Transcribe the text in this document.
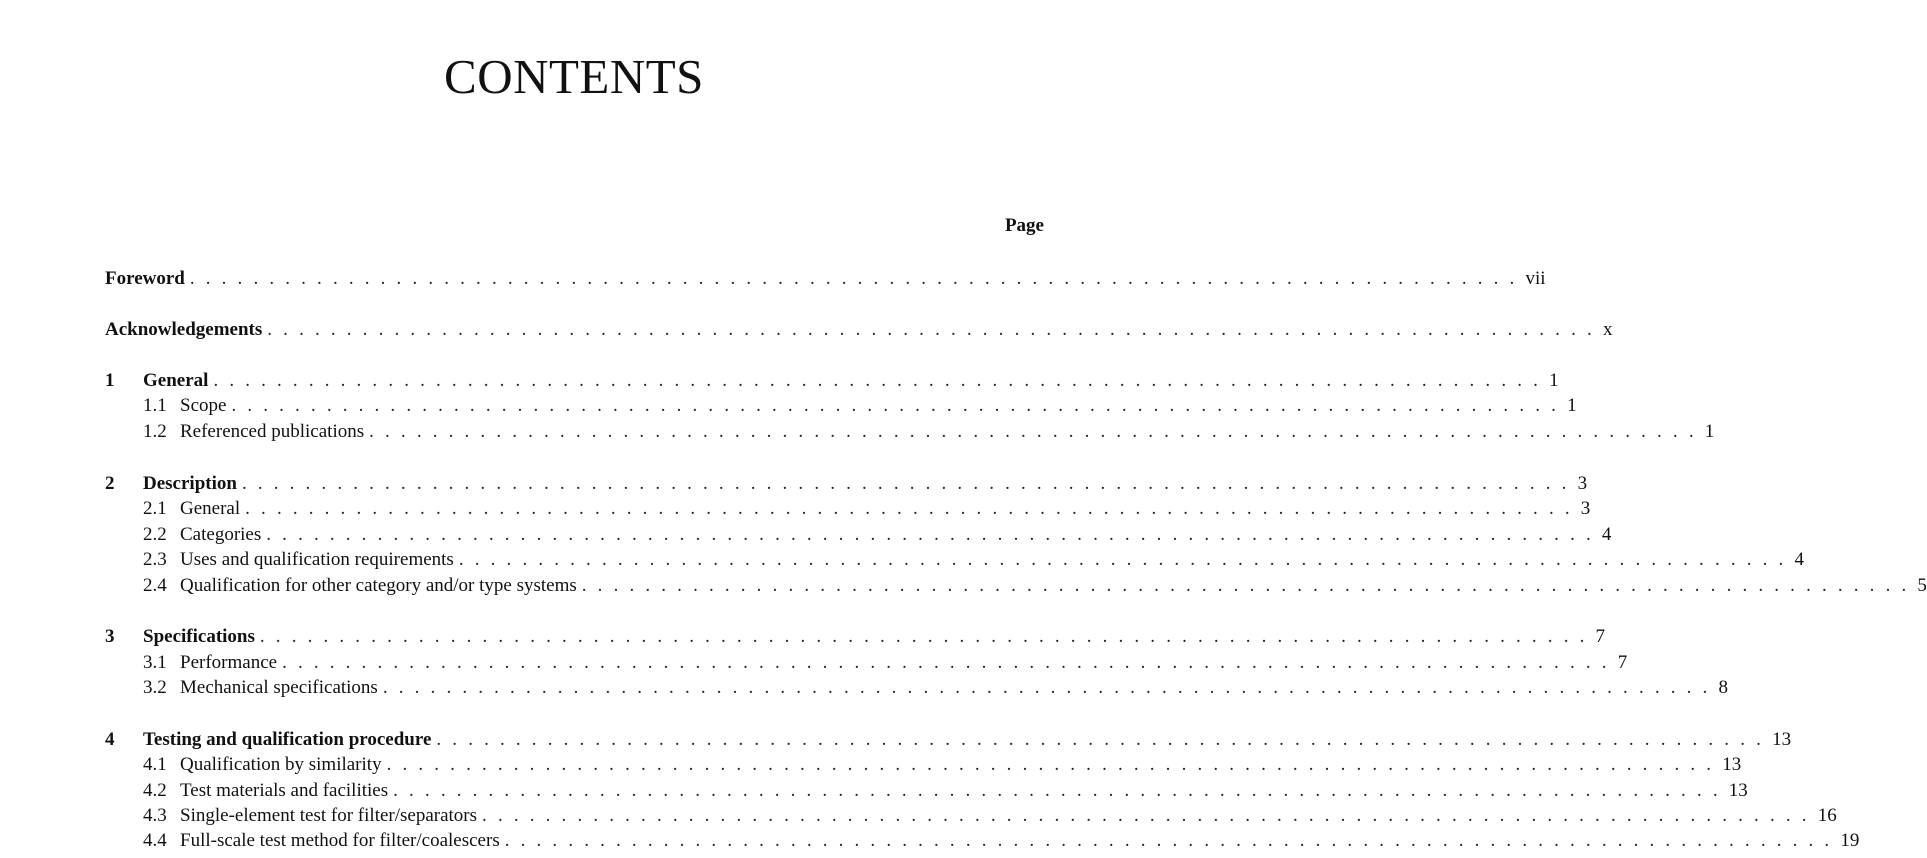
CONTENTS
Page
Foreword . . . . . . . . . . . . . . . . . . . . . . . . . . . . . . . . . . . . . . . . . . . . . . . . . . . . . . . . . . . . . . . . . . . . . . . . . . . . . . . . . . . . vii
Acknowledgements . . . . . . . . . . . . . . . . . . . . . . . . . . . . . . . . . . . . . . . . . . . . . . . . . . . . . . . . . . . . . . . . . . . . . . . . . . . . . . . . . . . . x
1	General . . . . . . . . . . . . . . . . . . . . . . . . . . . . . . . . . . . . . . . . . . . . . . . . . . . . . . . . . . . . . . . . . . . . . . . . . . . . . . . . . . . . 1
1.1 Scope . . . . . . . . . . . . . . . . . . . . . . . . . . . . . . . . . . . . . . . . . . . . . . . . . . . . . . . . . . . . . . . . . . . . . . . . . . . . . . . . . . . . 1
1.2 Referenced publications . . . . . . . . . . . . . . . . . . . . . . . . . . . . . . . . . . . . . . . . . . . . . . . . . . . . . . . . . . . . . . . . . . . . . . . . . . . . . . . . . . . . 1
2	Description . . . . . . . . . . . . . . . . . . . . . . . . . . . . . . . . . . . . . . . . . . . . . . . . . . . . . . . . . . . . . . . . . . . . . . . . . . . . . . . . . . . . 3
2.1 General . . . . . . . . . . . . . . . . . . . . . . . . . . . . . . . . . . . . . . . . . . . . . . . . . . . . . . . . . . . . . . . . . . . . . . . . . . . . . . . . . . . . 3
2.2 Categories . . . . . . . . . . . . . . . . . . . . . . . . . . . . . . . . . . . . . . . . . . . . . . . . . . . . . . . . . . . . . . . . . . . . . . . . . . . . . . . . . . . . 4
2.3 Uses and qualification requirements . . . . . . . . . . . . . . . . . . . . . . . . . . . . . . . . . . . . . . . . . . . . . . . . . . . . . . . . . . . . . . . . . . . . . . . . . . . . . . . . . . . . 4
2.4 Qualification for other category and/or type systems . . . . . . . . . . . . . . . . . . . . . . . . . . . . . . . . . . . . . . . . . . . . . . . . . . . . . . . . . . . . . . . . . . . . . . . . . . . . . . . . . . . . 5
3	Specifications . . . . . . . . . . . . . . . . . . . . . . . . . . . . . . . . . . . . . . . . . . . . . . . . . . . . . . . . . . . . . . . . . . . . . . . . . . . . . . . . . . . . 7
3.1 Performance . . . . . . . . . . . . . . . . . . . . . . . . . . . . . . . . . . . . . . . . . . . . . . . . . . . . . . . . . . . . . . . . . . . . . . . . . . . . . . . . . . . . 7
3.2 Mechanical specifications . . . . . . . . . . . . . . . . . . . . . . . . . . . . . . . . . . . . . . . . . . . . . . . . . . . . . . . . . . . . . . . . . . . . . . . . . . . . . . . . . . . . 8
4	Testing and qualification procedure . . . . . . . . . . . . . . . . . . . . . . . . . . . . . . . . . . . . . . . . . . . . . . . . . . . . . . . . . . . . . . . . . . . . . . . . . . . . . . . . . . . . 13
4.1 Qualification by similarity . . . . . . . . . . . . . . . . . . . . . . . . . . . . . . . . . . . . . . . . . . . . . . . . . . . . . . . . . . . . . . . . . . . . . . . . . . . . . . . . . . . . 13
4.2 Test materials and facilities . . . . . . . . . . . . . . . . . . . . . . . . . . . . . . . . . . . . . . . . . . . . . . . . . . . . . . . . . . . . . . . . . . . . . . . . . . . . . . . . . . . . 13
4.3 Single-element test for filter/separators . . . . . . . . . . . . . . . . . . . . . . . . . . . . . . . . . . . . . . . . . . . . . . . . . . . . . . . . . . . . . . . . . . . . . . . . . . . . . . . . . . . . 16
4.4 Full-scale test method for filter/coalescers . . . . . . . . . . . . . . . . . . . . . . . . . . . . . . . . . . . . . . . . . . . . . . . . . . . . . . . . . . . . . . . . . . . . . . . . . . . . . . . . . . . . 19
